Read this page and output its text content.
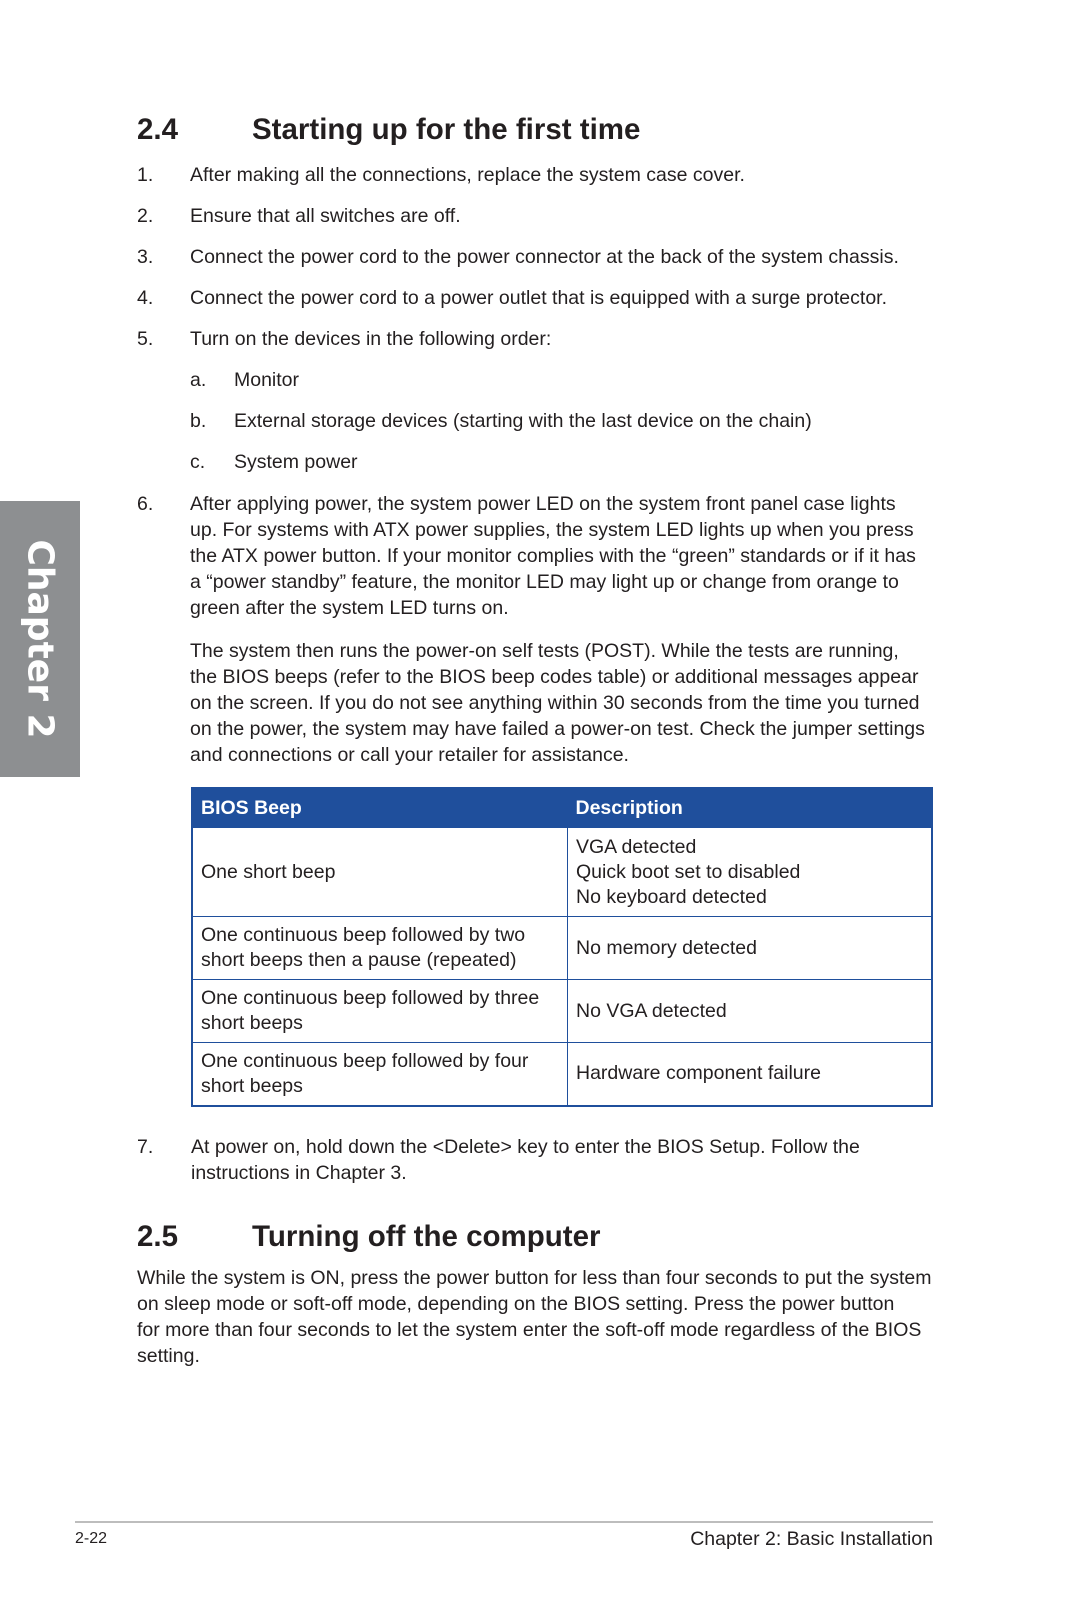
Chapter 2
2.4	Starting up for the first time
1. After making all the connections, replace the system case cover.
2. Ensure that all switches are off.
3. Connect the power cord to the power connector at the back of the system chassis.
4. Connect the power cord to a power outlet that is equipped with a surge protector.
5. Turn on the devices in the following order:
a. Monitor
b. External storage devices (starting with the last device on the chain)
c. System power
6. After applying power, the system power LED on the system front panel case lights
up. For systems with ATX power supplies, the system LED lights up when you press
the ATX power button. If your monitor complies with the “green” standards or if it has
a “power standby” feature, the monitor LED may light up or change from orange to
green after the system LED turns on.
The system then runs the power-on self tests (POST). While the tests are running,
the BIOS beeps (refer to the BIOS beep codes table) or additional messages appear
on the screen. If you do not see anything within 30 seconds from the time you turned
on the power, the system may have failed a power-on test. Check the jumper settings
and connections or call your retailer for assistance.
BIOS Beep	Description

One short beep	VGA detected
Quick boot set to disabled
No keyboard detected

One continuous beep followed by two
short beeps then a pause (repeated)	No memory detected

One continuous beep followed by three
short beeps	No VGA detected

One continuous beep followed by four
short beeps	Hardware component failure
7. At power on, hold down the <Delete> key to enter the BIOS Setup. Follow the
instructions in Chapter 3.
2.5	Turning off the computer
While the system is ON, press the power button for less than four seconds to put the system
on sleep mode or soft-off mode, depending on the BIOS setting. Press the power button
for more than four seconds to let the system enter the soft-off mode regardless of the BIOS
setting.
2-22	Chapter 2: Basic Installation
